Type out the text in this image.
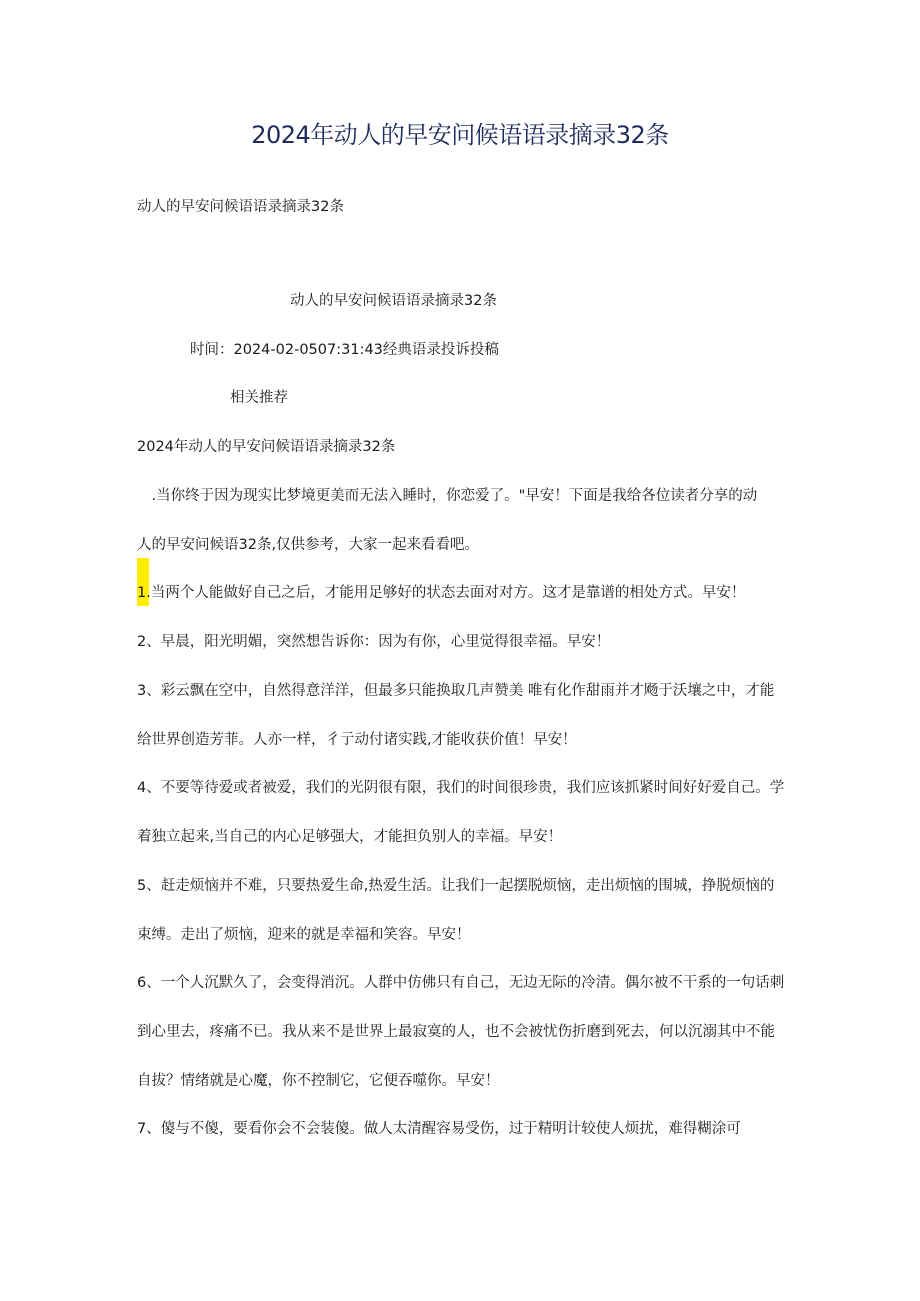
2024年动人的早安问候语语录摘录32条
动人的早安问候语语录摘录32条
动人的早安问候语语录摘录32条
时间：2024-02-0507:31:43经典语录投诉投稿
相关推荐
2024年动人的早安问候语语录摘录32条
　.当你终于因为现实比梦境更美而无法入睡时，你恋爱了。"早安！下面是我给各位读者分享的动
人的早安问候语32条,仅供参考，大家一起来看看吧。
1.当两个人能做好自己之后，才能用足够好的状态去面对对方。这才是靠谱的相处方式。早安！
2、早晨，阳光明媚，突然想告诉你：因为有你，心里觉得很幸福。早安！
3、彩云飘在空中，自然得意洋洋，但最多只能换取几声赞美 唯有化作甜雨并才飏于沃壤之中，才能
给世界创造芳菲。人亦一样，彳亍动付诸实践,才能收获价值！早安！
4、不要等待爱或者被爱，我们的光阴很有限，我们的时间很珍贵，我们应该抓紧时间好好爱自己。学
着独立起来,当自己的内心足够强大，才能担负别人的幸福。早安！
5、赶走烦恼并不难，只要热爱生命,热爱生活。让我们一起摆脱烦恼，走出烦恼的围城，挣脱烦恼的
束缚。走出了烦恼，迎来的就是幸福和笑容。早安！
6、一个人沉默久了，会变得消沉。人群中仿佛只有自己，无边无际的冷清。偶尔被不干系的一句话刺
到心里去，疼痛不已。我从来不是世界上最寂寞的人，也不会被忧伤折磨到死去，何以沉溺其中不能
自拔？情绪就是心魔，你不控制它，它便吞噬你。早安！
7、傻与不傻，要看你会不会装傻。做人太清醒容易受伤，过于精明计较使人烦扰，难得糊涂可
